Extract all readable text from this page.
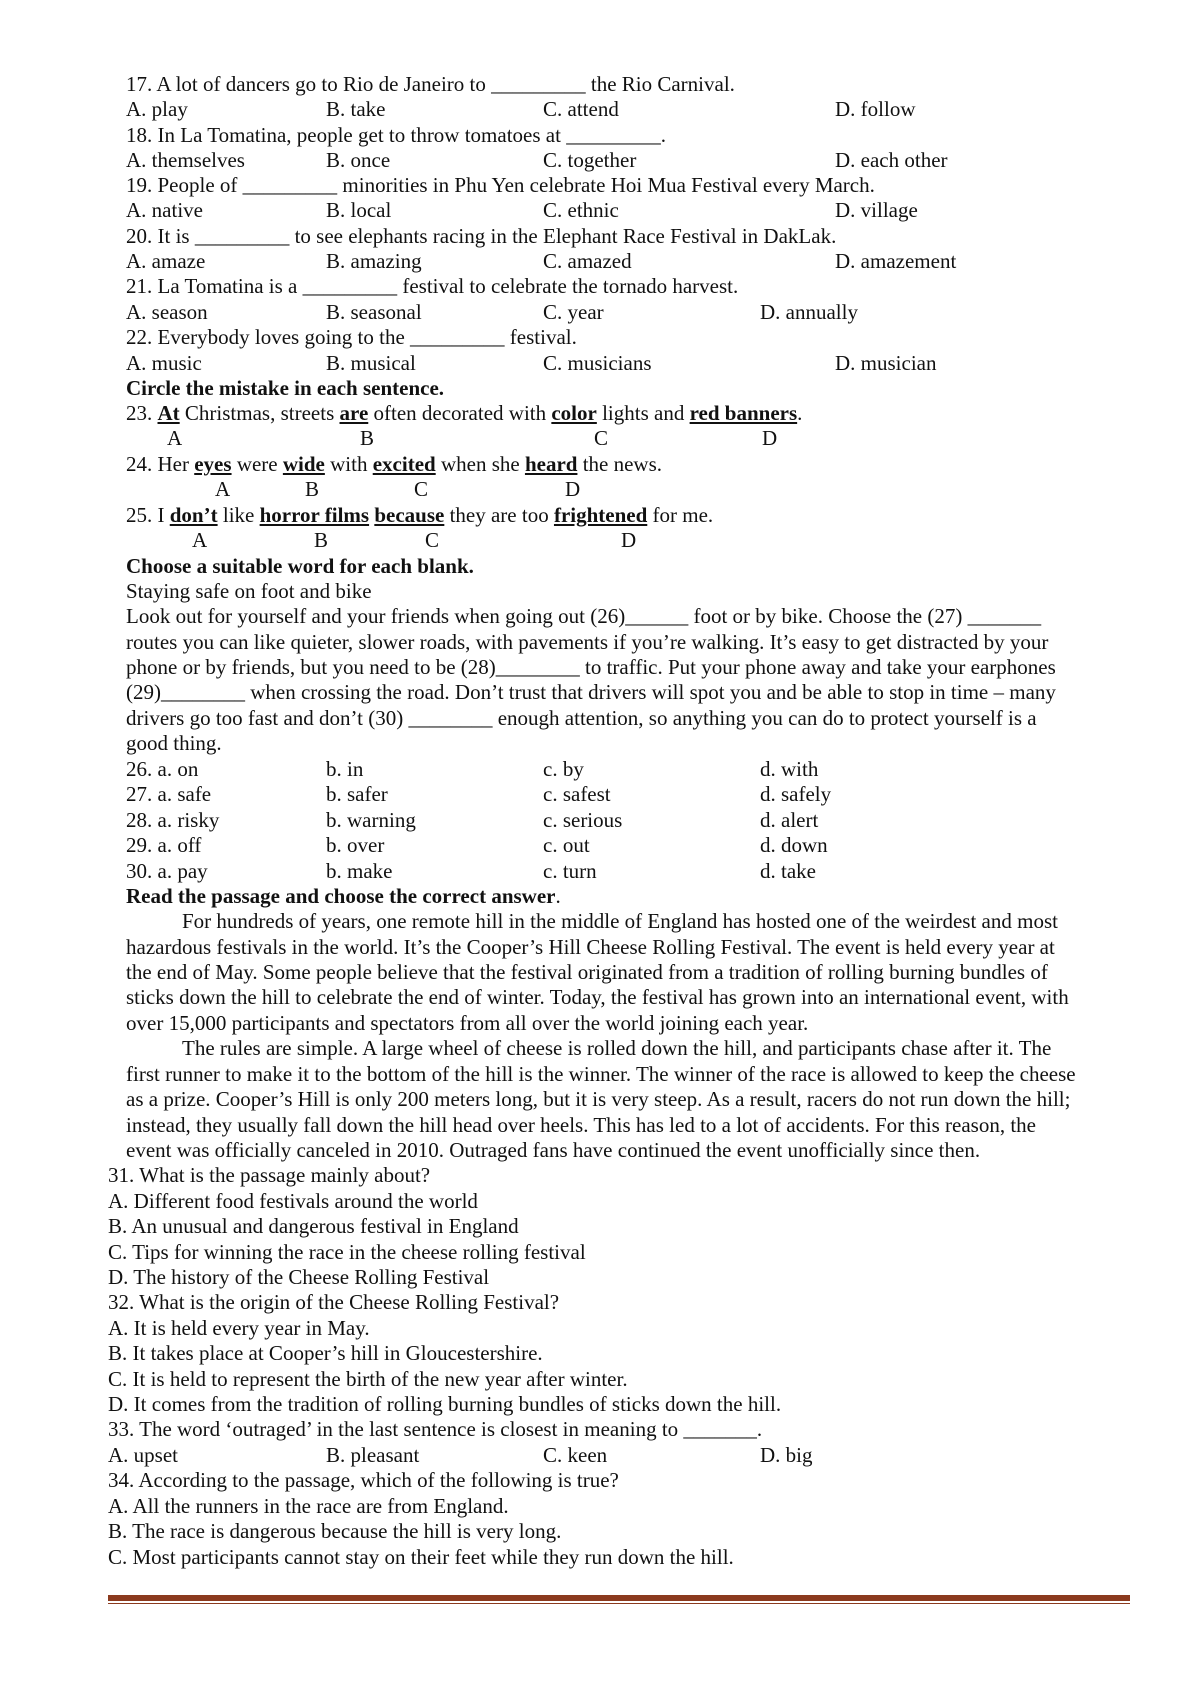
17. A lot of dancers go to Rio de Janeiro to _________ the Rio Carnival.
A. play	B. take	C. attend	D. follow
18. In La Tomatina, people get to throw tomatoes at _________.
A. themselves	B. once	C. together	D. each other
19. People of _________ minorities in Phu Yen celebrate Hoi Mua Festival every March.
A. native	B. local	C. ethnic	D. village
20. It is _________ to see elephants racing in the Elephant Race Festival in DakLak.
A. amaze	B. amazing	C. amazed	D. amazement
21. La Tomatina is a _________ festival to celebrate the tornado harvest.
A. season	B. seasonal	C. year	D. annually
22. Everybody loves going to the _________ festival.
A. music	B. musical	C. musicians	D. musician
Circle the mistake in each sentence.
23. At Christmas, streets are often decorated with color lights and red banners.
A	B	C	D
24. Her eyes were wide with excited when she heard the news.
A	B	C	D
25. I don’t like horror films because they are too frightened for me.
A	B	C	D
Choose a suitable word for each blank.
Staying safe on foot and bike
Look out for yourself and your friends when going out (26)______ foot or by bike. Choose the (27) _______
routes you can like quieter, slower roads, with pavements if you’re walking. It’s easy to get distracted by your
phone or by friends, but you need to be (28)________ to traffic. Put your phone away and take your earphones
(29)________ when crossing the road. Don’t trust that drivers will spot you and be able to stop in time – many
drivers go too fast and don’t (30) ________ enough attention, so anything you can do to protect yourself is a
good thing.
26. a. on	b. in	c. by	d. with
27. a. safe	b. safer	c. safest	d. safely
28. a. risky	b. warning	c. serious	d. alert
29. a. off	b. over	c. out	d. down
30. a. pay	b. make	c. turn	d. take
Read the passage and choose the correct answer.
For hundreds of years, one remote hill in the middle of England has hosted one of the weirdest and most
hazardous festivals in the world. It’s the Cooper’s Hill Cheese Rolling Festival. The event is held every year at
the end of May. Some people believe that the festival originated from a tradition of rolling burning bundles of
sticks down the hill to celebrate the end of winter. Today, the festival has grown into an international event, with
over 15,000 participants and spectators from all over the world joining each year.
The rules are simple. A large wheel of cheese is rolled down the hill, and participants chase after it. The
first runner to make it to the bottom of the hill is the winner. The winner of the race is allowed to keep the cheese
as a prize. Cooper’s Hill is only 200 meters long, but it is very steep. As a result, racers do not run down the hill;
instead, they usually fall down the hill head over heels. This has led to a lot of accidents. For this reason, the
event was officially canceled in 2010. Outraged fans have continued the event unofficially since then.
31. What is the passage mainly about?
A. Different food festivals around the world
B. An unusual and dangerous festival in England
C. Tips for winning the race in the cheese rolling festival
D. The history of the Cheese Rolling Festival
32. What is the origin of the Cheese Rolling Festival?
A. It is held every year in May.
B. It takes place at Cooper’s hill in Gloucestershire.
C. It is held to represent the birth of the new year after winter.
D. It comes from the tradition of rolling burning bundles of sticks down the hill.
33. The word ‘outraged’ in the last sentence is closest in meaning to _______.
A. upset	B. pleasant	C. keen	D. big
34. According to the passage, which of the following is true?
A. All the runners in the race are from England.
B. The race is dangerous because the hill is very long.
C. Most participants cannot stay on their feet while they run down the hill.
